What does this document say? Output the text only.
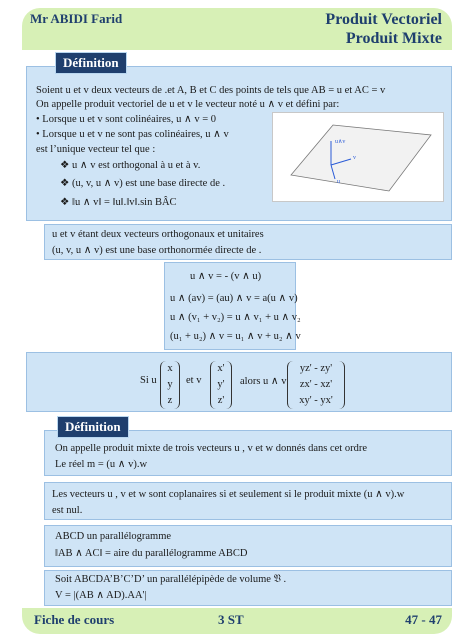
Mr ABIDI Farid	Produit Vectoriel
Produit Mixte
Définition
Soient u et v deux vecteurs de .et A, B et C des points de tels que AB = u et AC = v
On appelle produit vectoriel de u et v le vecteur noté u ∧ v et défini par:
• Lorsque u et v sont colinéaires, u ∧ v = 0
• Lorsque u et v ne sont pas colinéaires, u ∧ v
est l’unique vecteur tel que :
❖ u ∧ v est orthogonal à u et à v.
❖ (u, v, u ∧ v) est une base directe de .
❖ ‖u ∧ v‖ = ‖u‖.‖v‖.sin BÂC
u∧v
v
u
u et v étant deux vecteurs orthogonaux et unitaires
(u, v, u ∧ v) est une base orthonormée directe de .
u ∧ v = - (v ∧ u)
u ∧ (av) = (au) ∧ v = a(u ∧ v)
u ∧ (v₁ + v₂) = u ∧ v₁ + u ∧ v₂
(u₁ + u₂) ∧ v = u₁ ∧ v + u₂ ∧ v
Si u
x
y
z
et v
x'
y'
z'
alors u ∧ v
yz' - zy'
zx' - xz'
xy' - yx'
Définition
On appelle produit mixte de trois vecteurs u , v et w donnés dans cet ordre
Le réel m = (u ∧ v).w
Les vecteurs u , v et w sont coplanaires si et seulement si le produit mixte (u ∧ v).w
est nul.
ABCD un parallélogramme
‖AB ∧ AC‖ = aire du parallélogramme ABCD
Soit ABCDA’B’C’D’ un parallélépipède de volume 𝔙 .
V = |(AB ∧ AD).AA'|
Fiche de cours	3 ST	47 - 47
